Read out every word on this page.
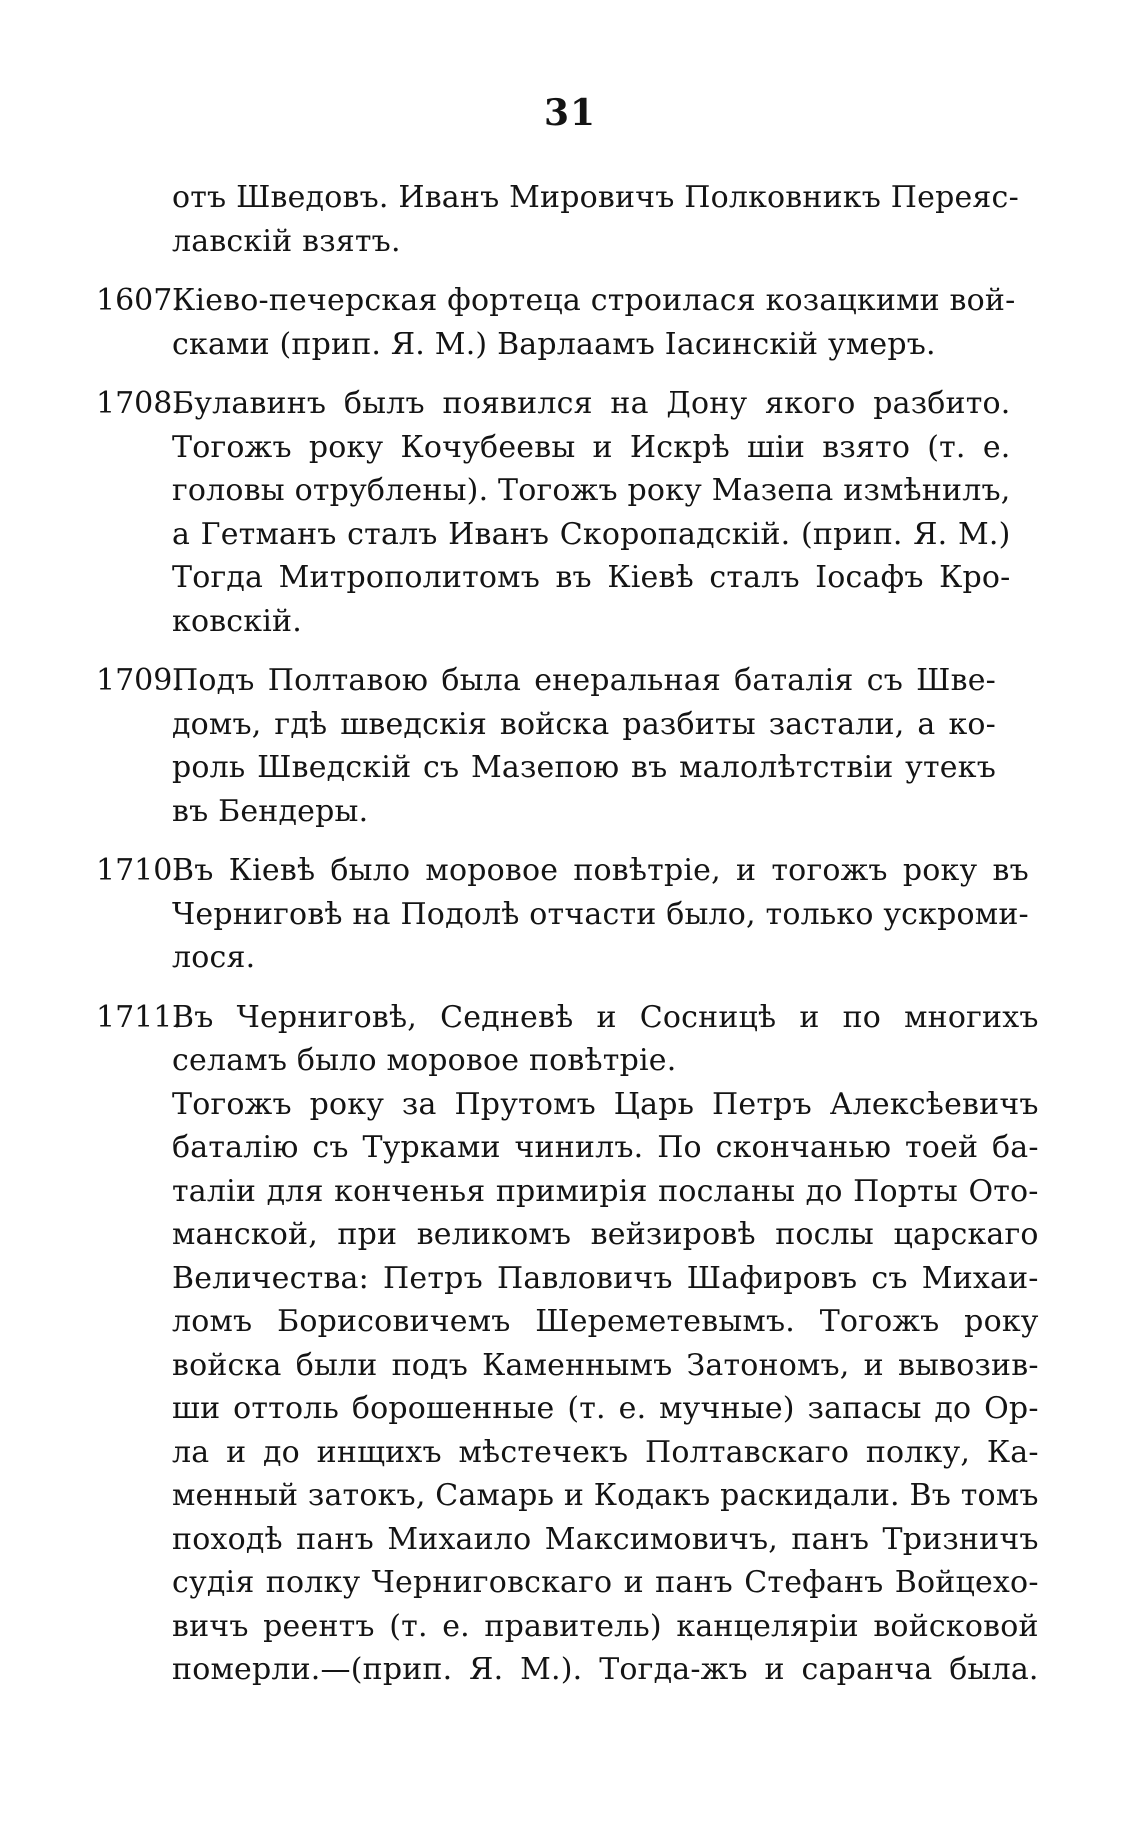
31
отъ Шведовъ. Иванъ Мировичъ Полковникъ Переяс-
лавскій взятъ.
1607.
Кіево-печерская фортеца строилася козацкими вой-
сками (прип. Я. М.) Варлаамъ Іасинскій умеръ.
1708.
Булавинъ былъ появился на Дону якого разбито.
Тогожъ року Кочубеевы и Искрѣ шіи взято (т. е.
головы отрублены). Тогожъ року Мазепа измѣнилъ,
а Гетманъ сталъ Иванъ Скоропадскій. (прип. Я. М.)
Тогда Митрополитомъ въ Кіевѣ сталъ Іосафъ Кро-
ковскій.
1709.
Подъ Полтавою была енеральная баталія съ Шве-
домъ, гдѣ шведскія войска разбиты застали, а ко-
роль Шведскій съ Мазепою въ малолѣтствіи утекъ
въ Бендеры.
1710.
Въ Кіевѣ было моровое повѣтріе, и тогожъ року въ
Черниговѣ на Подолѣ отчасти было, только ускроми-
лося.
1711.
Въ Черниговѣ, Седневѣ и Сосницѣ и по многихъ
селамъ было моровое повѣтріе.
Тогожъ року за Прутомъ Царь Петръ Алексѣевичъ
баталію съ Турками чинилъ. По скончанью тоей ба-
таліи для конченья примирія посланы до Порты Ото-
манской, при великомъ вейзировѣ послы царскаго
Величества: Петръ Павловичъ Шафировъ съ Михаи-
ломъ Борисовичемъ Шереметевымъ. Тогожъ року
войска были подъ Каменнымъ Затономъ, и вывозив-
ши оттоль борошенные (т. е. мучные) запасы до Ор-
ла и до инщихъ мѣстечекъ Полтавскаго полку, Ка-
менный затокъ, Самарь и Кодакъ раскидали. Въ томъ
походѣ панъ Михаило Максимовичъ, панъ Тризничъ
судія полку Черниговскаго и панъ Стефанъ Войцехо-
вичъ реентъ (т. е. правитель) канцеляріи войсковой
померли.—(прип. Я. М.). Тогда-жъ и саранча была.
